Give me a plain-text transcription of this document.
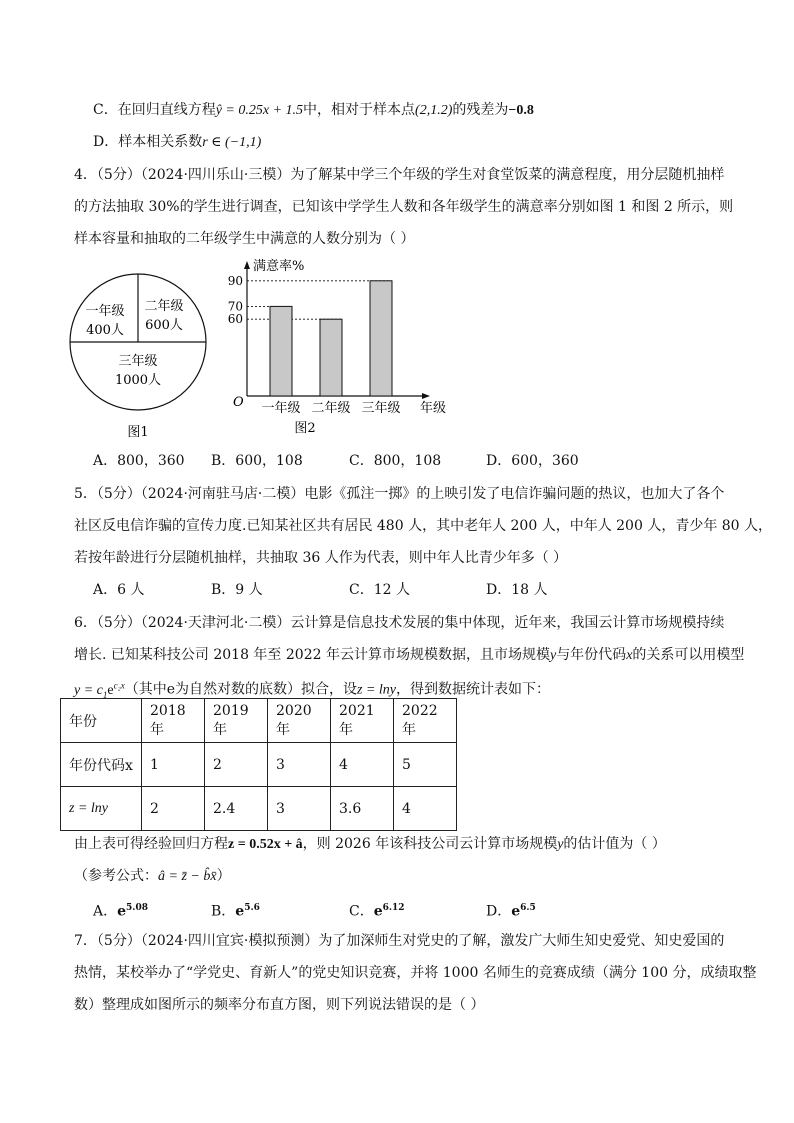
C．在回归直线方程ŷ = 0.25x + 1.5中，相对于样本点(2,1.2)的残差为−0.8
D．样本相关系数r ∈ (−1,1)
4．（5分）（2024·四川乐山·三模）为了解某中学三个年级的学生对食堂饭菜的满意程度，用分层随机抽样
的方法抽取 30%的学生进行调查，已知该中学学生人数和各年级学生的满意率分别如图 1 和图 2 所示，则
样本容量和抽取的二年级学生中满意的人数分别为（ ）
一年级
400人
二年级
600人
三年级
1000人
图1
满意率%
年级
O
60
70
90
一年级 二年级 三年级
图2
A．800，360 B．600，108	C．800，108	D．600，360
5．（5分）（2024·河南驻马店·二模）电影《孤注一掷》的上映引发了电信诈骗问题的热议，也加大了各个
社区反电信诈骗的宣传力度.已知某社区共有居民 480 人，其中老年人 200 人，中年人 200 人，青少年 80 人，
若按年龄进行分层随机抽样，共抽取 36 人作为代表，则中年人比青少年多（ ）
A．6 人	B．9 人	C．12 人	D．18 人
6．（5分）（2024·天津河北·二模）云计算是信息技术发展的集中体现，近年来，我国云计算市场规模持续
增长. 已知某科技公司 2018 年至 2022 年云计算市场规模数据，且市场规模y与年份代码x的关系可以用模型
$y = c_1e^{c_2x}$（其中e为自然对数的底数）拟合，设z = lny，得到数据统计表如下：
年份	2018 年	2019 年	2020 年	2021 年	2022 年
年份代码x	1	2	3	4	5
z = lny	2	2.4	3	3.6	4
由上表可得经验回归方程z = 0.52x + â，则 2026 年该科技公司云计算市场规模y的估计值为（ ）
（参考公式：â = z̄ − b̂x̄）
A．$e^{5.08}$	B．$e^{5.6}$	C．$e^{6.12}$	D．$e^{6.5}$
7．（5分）（2024·四川宜宾·模拟预测）为了加深师生对党史的了解，激发广大师生知史爱党、知史爱国的
热情，某校举办了“学党史、育新人”的党史知识竞赛，并将 1000 名师生的竞赛成绩（满分 100 分，成绩取整
数）整理成如图所示的频率分布直方图，则下列说法错误的是（ ）
